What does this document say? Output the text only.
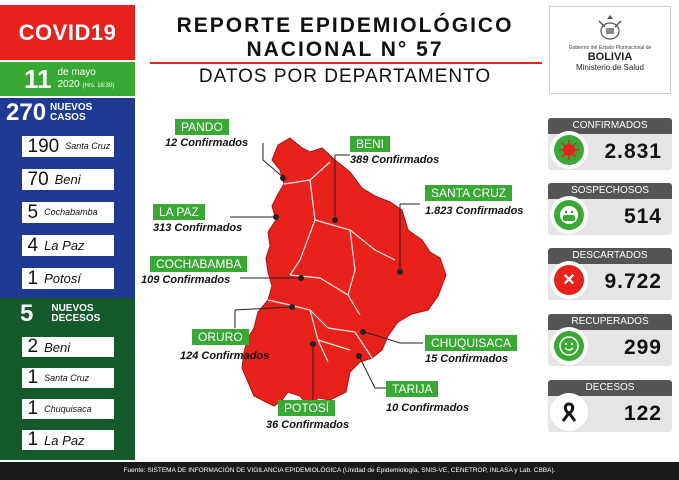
COVID19
11 de mayo
2020 (Hrs. 18:30)
270 NUEVOS
CASOS
190 Santa Cruz
70 Beni
5 Cochabamba
4 La Paz
1 Potosí
5 NUEVOS
DECESOS
2 Beni
1 Santa Cruz
1 Chuquisaca
1 La Paz
REPORTE EPIDEMIOLÓGICO
NACIONAL N° 57
DATOS POR DEPARTAMENTO
Gobierno del Estado Plurinacional de
BOLIVIA
Ministerio de Salud
PANDO
12 Confirmados	BENI
389 Confirmados
SANTA CRUZ
1.823 Confirmados
LA PAZ
313 Confirmados
COCHABAMBA
109 Confirmados
ORURO
124 Confirmados
CHUQUISACA
15 Confirmados
TARIJA
10 Confirmados
POTOSÍ
36 Confirmados
CONFIRMADOS
2.831
SOSPECHOSOS
514
DESCARTADOS
✕	9.722
RECUPERADOS
299
DECESOS
122
Fuente: SISTEMA DE INFORMACIÓN DE VIGILANCIA EPIDEMIOLÓGICA (Unidad de Epidemiología, SNIS-VE, CENETROP, INLASA y Lab. CBBA).
